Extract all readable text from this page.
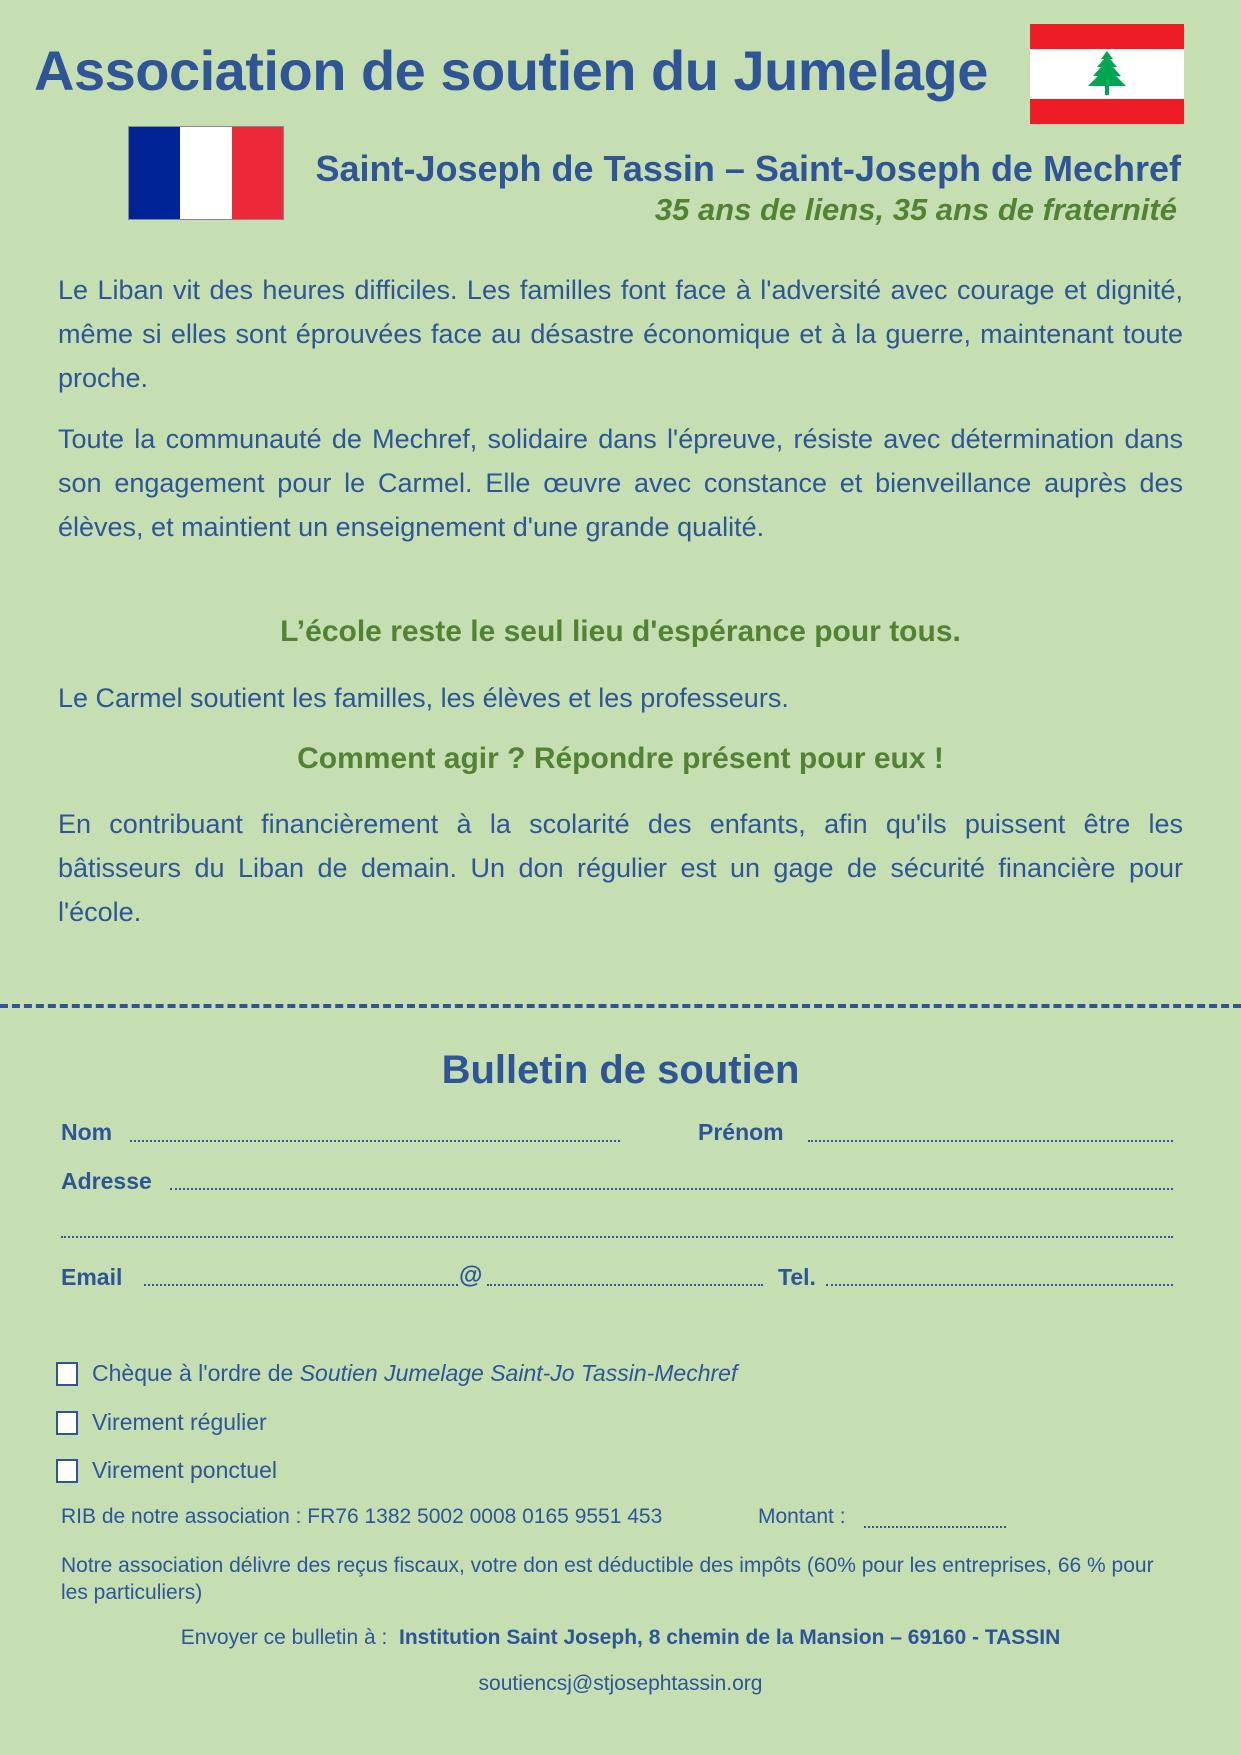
Association de soutien du Jumelage
Saint-Joseph de Tassin – Saint-Joseph de Mechref
35 ans de liens, 35 ans de fraternité
Le Liban vit des heures difficiles. Les familles font face à l'adversité avec courage et dignité, même si elles sont éprouvées face au désastre économique et à la guerre, maintenant toute proche.
Toute la communauté de Mechref, solidaire dans l'épreuve, résiste avec détermination dans son engagement pour le Carmel. Elle œuvre avec constance et bienveillance auprès des élèves, et maintient un enseignement d'une grande qualité.
L’école reste le seul lieu d'espérance pour tous.
Le Carmel soutient les familles, les élèves et les professeurs.
Comment agir ? Répondre présent pour eux !
En contribuant financièrement à la scolarité des enfants, afin qu'ils puissent être les bâtisseurs du Liban de demain. Un don régulier est un gage de sécurité financière pour l'école.
Bulletin de soutien
Nom	Prénom
Adresse
Email	@	Tel.
Chèque à l'ordre de Soutien Jumelage Saint-Jo Tassin-Mechref
Virement régulier
Virement ponctuel
RIB de notre association : FR76 1382 5002 0008 0165 9551 453	Montant :
Notre association délivre des reçus fiscaux, votre don est déductible des impôts (60% pour les entreprises, 66 % pour les particuliers)
Envoyer ce bulletin à :  Institution Saint Joseph, 8 chemin de la Mansion – 69160 - TASSIN
soutiencsj@stjosephtassin.org
